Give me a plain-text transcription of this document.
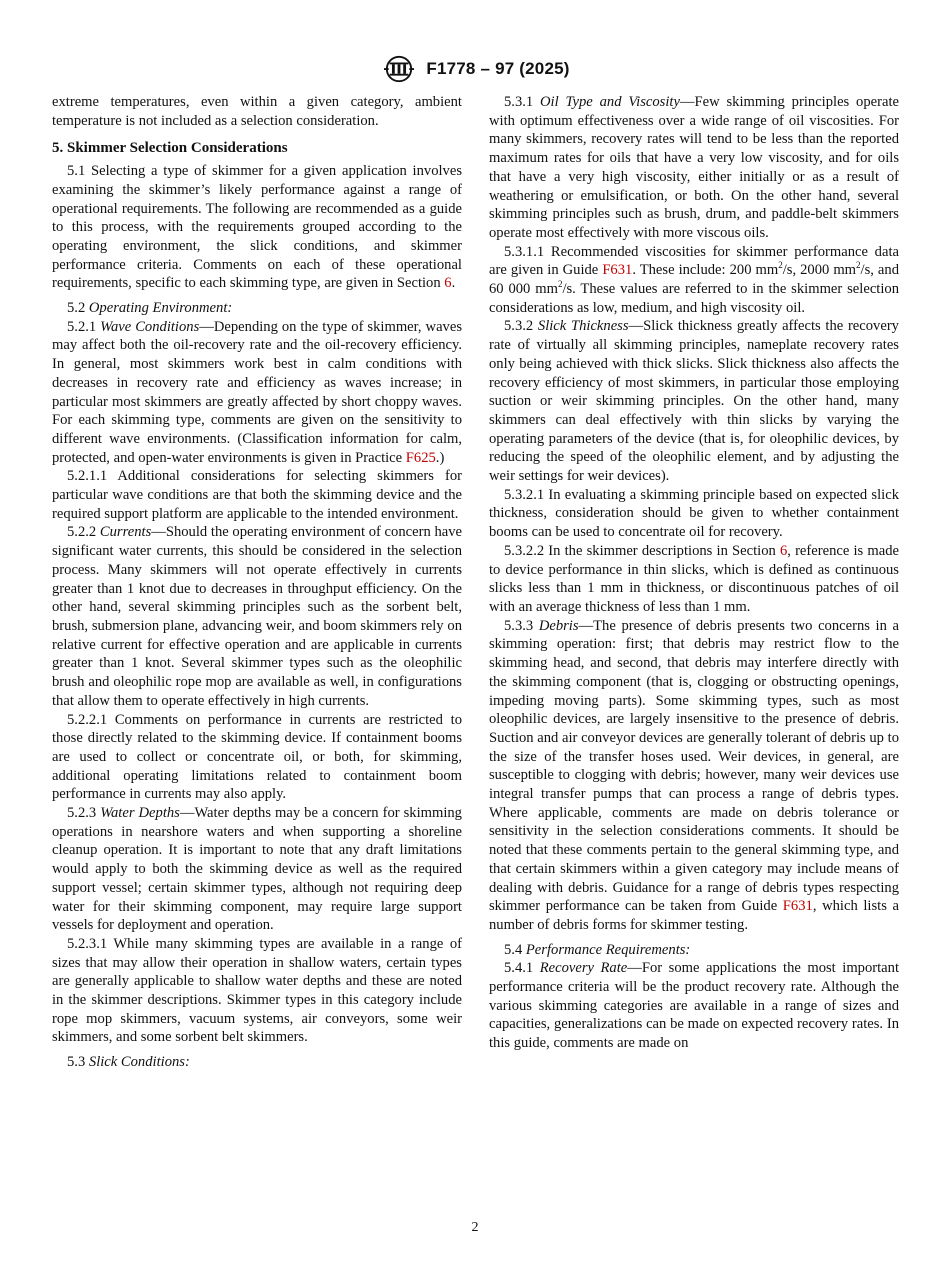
F1778 – 97 (2025)

extreme temperatures, even within a given category, ambient temperature is not included as a selection consideration.

5. Skimmer Selection Considerations

5.1 Selecting a type of skimmer for a given application involves examining the skimmer’s likely performance against a range of operational requirements. The following are recommended as a guide to this process, with the requirements grouped according to the operating environment, the slick conditions, and skimmer performance criteria. Comments on each of these operational requirements, specific to each skimming type, are given in Section 6.

5.2 Operating Environment:

5.2.1 Wave Conditions—Depending on the type of skimmer, waves may affect both the oil-recovery rate and the oil-recovery efficiency. In general, most skimmers work best in calm conditions with decreases in recovery rate and efficiency as waves increase; in particular most skimmers are greatly affected by short choppy waves. For each skimming type, comments are given on the sensitivity to different wave environments. (Classification information for calm, protected, and open-water environments is given in Practice F625.)

5.2.1.1 Additional considerations for selecting skimmers for particular wave conditions are that both the skimming device and the required support platform are applicable to the intended environment.

5.2.2 Currents—Should the operating environment of concern have significant water currents, this should be considered in the selection process. Many skimmers will not operate effectively in currents greater than 1 knot due to decreases in throughput efficiency. On the other hand, several skimming principles such as the sorbent belt, brush, submersion plane, advancing weir, and boom skimmers rely on relative current for effective operation and are applicable in currents greater than 1 knot. Several skimmer types such as the oleophilic brush and oleophilic rope mop are available as well, in configurations that allow them to operate effectively in high currents.

5.2.2.1 Comments on performance in currents are restricted to those directly related to the skimming device. If containment booms are used to collect or concentrate oil, or both, for skimming, additional operating limitations related to containment boom performance in currents may also apply.

5.2.3 Water Depths—Water depths may be a concern for skimming operations in nearshore waters and when supporting a shoreline cleanup operation. It is important to note that any draft limitations would apply to both the skimming device as well as the required support vessel; certain skimmer types, although not requiring deep water for their skimming component, may require large support vessels for deployment and operation.

5.2.3.1 While many skimming types are available in a range of sizes that may allow their operation in shallow waters, certain types are generally applicable to shallow water depths and these are noted in the skimmer descriptions. Skimmer types in this category include rope mop skimmers, vacuum systems, air conveyors, some weir skimmers, and some sorbent belt skimmers.

5.3 Slick Conditions:

5.3.1 Oil Type and Viscosity—Few skimming principles operate with optimum effectiveness over a wide range of oil viscosities. For many skimmers, recovery rates will tend to be less than the reported maximum rates for oils that have a very low viscosity, and for oils that have a very high viscosity, either initially or as a result of weathering or emulsification, or both. On the other hand, several skimming principles such as brush, drum, and paddle-belt skimmers operate most effectively with more viscous oils.

5.3.1.1 Recommended viscosities for skimmer performance data are given in Guide F631. These include: 200 $mm^2/s$, 2000 $mm^2/s$, and 60 000 $mm^2/s$. These values are referred to in the skimmer selection considerations as low, medium, and high viscosity oil.

5.3.2 Slick Thickness—Slick thickness greatly affects the recovery rate of virtually all skimming principles, nameplate recovery rates only being achieved with thick slicks. Slick thickness also affects the recovery efficiency of most skimmers, in particular those employing suction or weir skimming principles. On the other hand, many skimmers can deal effectively with thin slicks by varying the operating parameters of the device (that is, for oleophilic devices, by reducing the speed of the oleophilic element, and by adjusting the weir settings for weir devices).

5.3.2.1 In evaluating a skimming principle based on expected slick thickness, consideration should be given to whether containment booms can be used to concentrate oil for recovery.

5.3.2.2 In the skimmer descriptions in Section 6, reference is made to device performance in thin slicks, which is defined as continuous slicks less than 1 mm in thickness, or discontinuous patches of oil with an average thickness of less than 1 mm.

5.3.3 Debris—The presence of debris presents two concerns in a skimming operation: first; that debris may restrict flow to the skimming head, and second, that debris may interfere directly with the skimming component (that is, clogging or obstructing openings, impeding moving parts). Some skimming types, such as most oleophilic devices, are largely insensitive to the presence of debris. Suction and air conveyor devices are generally tolerant of debris up to the size of the transfer hoses used. Weir devices, in general, are susceptible to clogging with debris; however, many weir devices use integral transfer pumps that can process a range of debris types. Where applicable, comments are made on debris tolerance or sensitivity in the selection considerations comments. It should be noted that these comments pertain to the general skimming type, and that certain skimmers within a given category may include means of dealing with debris. Guidance for a range of debris types respecting skimmer performance can be taken from Guide F631, which lists a number of debris forms for skimmer testing.

5.4 Performance Requirements:

5.4.1 Recovery Rate—For some applications the most important performance criteria will be the product recovery rate. Although the various skimming categories are available in a range of sizes and capacities, generalizations can be made on expected recovery rates. In this guide, comments are made on

2
